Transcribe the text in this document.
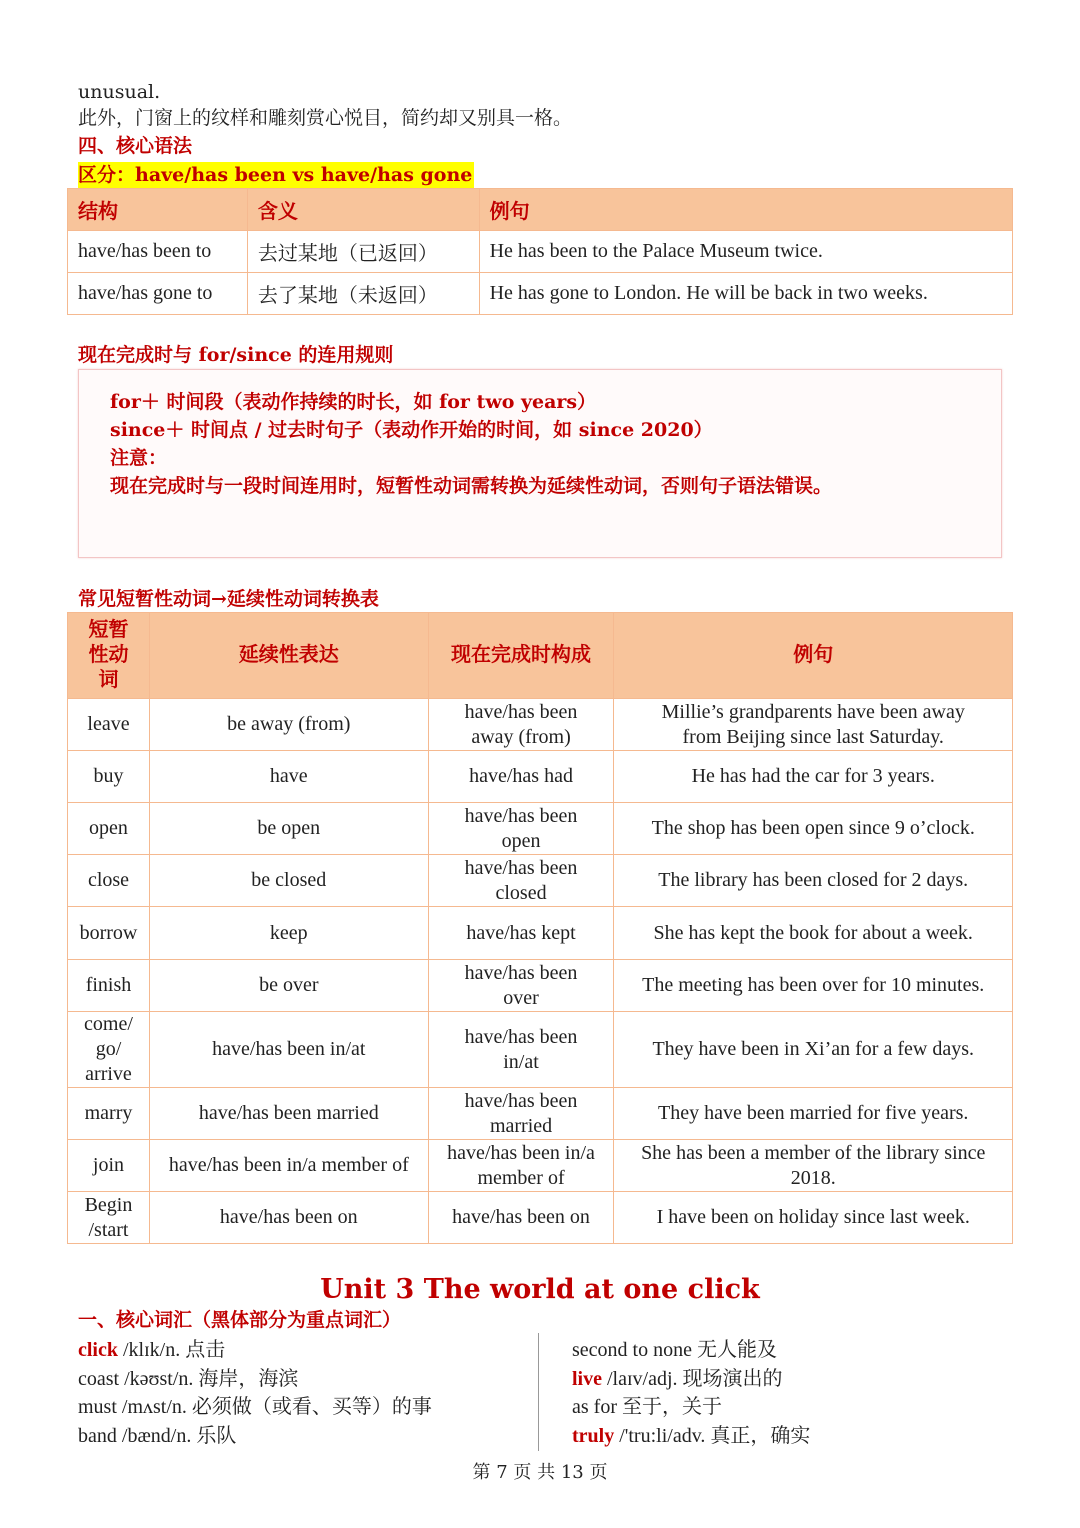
unusual.
此外，门窗上的纹样和雕刻赏心悦目，简约却又别具一格。
四、核心语法
区分：have/has been vs have/has gone
结构	含义	例句
have/has been to	去过某地（已返回）	He has been to the Palace Museum twice.
have/has gone to	去了某地（未返回）	He has gone to London. He will be back in two weeks.
现在完成时与 for/since 的连用规则
for＋ 时间段（表动作持续的时长，如 for two years）
since＋ 时间点 / 过去时句子（表动作开始的时间，如 since 2020）
注意：
现在完成时与一段时间连用时，短暂性动词需转换为延续性动词，否则句子语法错误。
常见短暂性动词→延续性动词转换表
短暂性动词	延续性表达	现在完成时构成	例句
leave	be away (from)	have/has been away (from)	Millie’s grandparents have been away from Beijing since last Saturday.
buy	have	have/has had	He has had the car for 3 years.
open	be open	have/has been open	The shop has been open since 9 o’clock.
close	be closed	have/has been closed	The library has been closed for 2 days.
borrow	keep	have/has kept	She has kept the book for about a week.
finish	be over	have/has been over	The meeting has been over for 10 minutes.
come/ go/ arrive	have/has been in/at	have/has been in/at	They have been in Xi’an for a few days.
marry	have/has been married	have/has been married	They have been married for five years.
join	have/has been in/a member of	have/has been in/a member of	She has been a member of the library since 2018.
Begin /start	have/has been on	have/has been on	I have been on holiday since last week.
Unit 3 The world at one click
一、核心词汇（黑体部分为重点词汇）
click /klɪk/n. 点击
coast /kəʊst/n. 海岸，海滨
must /mʌst/n. 必须做（或看、买等）的事
band /bænd/n. 乐队
second to none 无人能及
live /laɪv/adj. 现场演出的
as for 至于，关于
truly /'tru:li/adv. 真正，确实
第 7 页 共 13 页
